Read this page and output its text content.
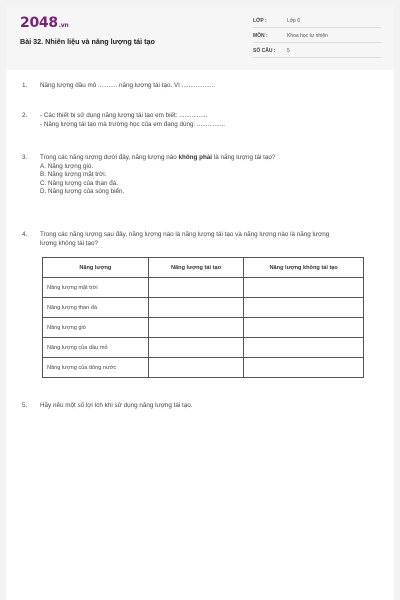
2048.vn
Bài 32. Nhiên liệu và năng lượng tái tạo
LỚP :	Lớp 6
MÔN :	Khoa học tự nhiên
SỐ CÂU : 5
1. Năng lượng dầu mỏ ........... năng lượng tái tạo. Vì ...................
2. - Các thiết bị sử dụng năng lượng tái tạo em biết: ................
- Năng lượng tái tạo mà trường học của em đang dùng: ................
3. Trong các năng lượng dưới đây, năng lượng nào không phải là năng lượng tái tạo?
A. Năng lượng gió.
B. Năng lượng mặt trời.
C. Năng lượng của than đá.
D. Năng lượng của sóng biển.
4. Trong các năng lượng sau đây, năng lượng nào là năng lượng tái tạo và năng lượng nào là năng lượng
lượng không tái tạo?
Năng lượng	Năng lượng tái tạo	Năng lượng không tái tạo
Năng lượng mặt trời		
Năng lượng than đá		
Năng lượng gió		
Năng lượng của dầu mỏ		
Năng lượng của dòng nước		
5. Hãy nêu một số lợi ích khi sử dụng năng lượng tái tạo.
